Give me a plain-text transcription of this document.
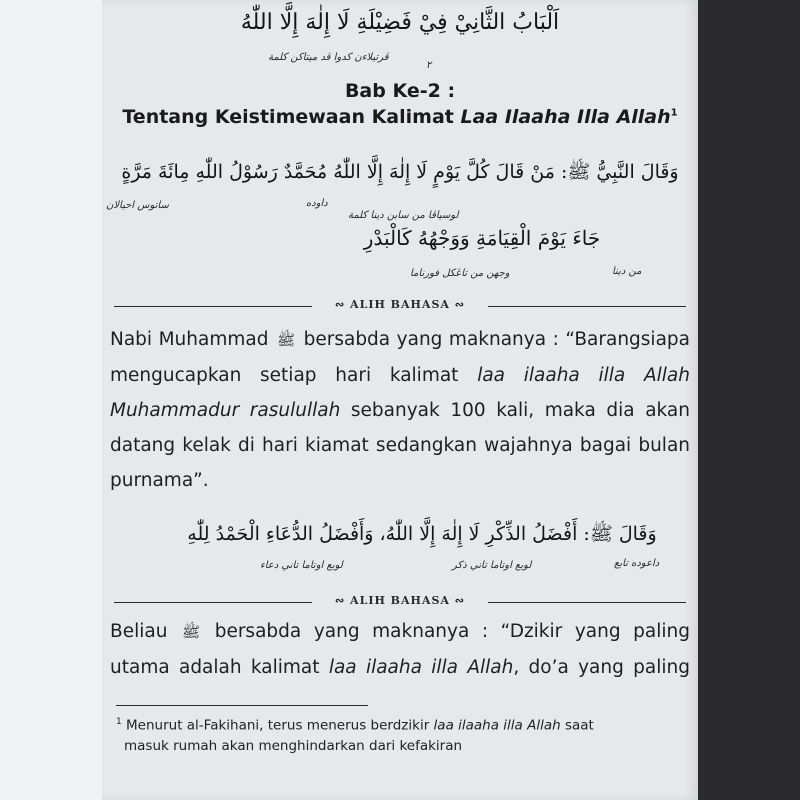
اَلْبَابُ الثَّانِيْ فِيْ فَضِيْلَةِ لَا إِلٰهَ إِلَّا اللّٰهُ
ڤرتيلاءن كدوا ڤد ميتاكن كلمة
٢
Bab Ke-2 :
Tentang Keistimewaan Kalimat Laa Ilaaha Illa Allah$^1$
وَقَالَ النَّبِيُّ ﷺ: مَنْ قَالَ كُلَّ يَوْمٍ لَا إِلٰهَ إِلَّا اللّٰهُ مُحَمَّدٌ رَسُوْلُ اللّٰهِ مِائَةَ مَرَّةٍ
ساتوس احيالان	داوده
لوسياڤا من سابن دينا كلمة
جَاءَ يَوْمَ الْقِيَامَةِ وَوَجْهُهُ كَالْبَدْرِ
من دينا
وجهن من تاڠكل فورناما
∾ ALIH BAHASA ∾
Nabi Muhammad ﷺ bersabda yang maknanya : “Barangsiapa
mengucapkan setiap hari kalimat laa ilaaha illa Allah
Muhammadur rasulullah sebanyak 100 kali, maka dia akan
datang kelak di hari kiamat sedangkan wajahnya bagai bulan
purnama”.
وَقَالَ ﷺ: أَفْضَلُ الذِّكْرِ لَا إِلٰهَ إِلَّا اللّٰهُ، وَأَفْضَلُ الدُّعَاءِ الْحَمْدُ لِلّٰهِ
داعوده تابع
لوبع اوتاما تاني ذكر
لوبع اوتاما تاني دعاء
∾ ALIH BAHASA ∾
Beliau ﷺ bersabda yang maknanya : “Dzikir yang paling
utama adalah kalimat laa ilaaha illa Allah, do’a yang paling
$^1$ Menurut al-Fakihani, terus menerus berdzikir laa ilaaha illa Allah saat
masuk rumah akan menghindarkan dari kefakiran
